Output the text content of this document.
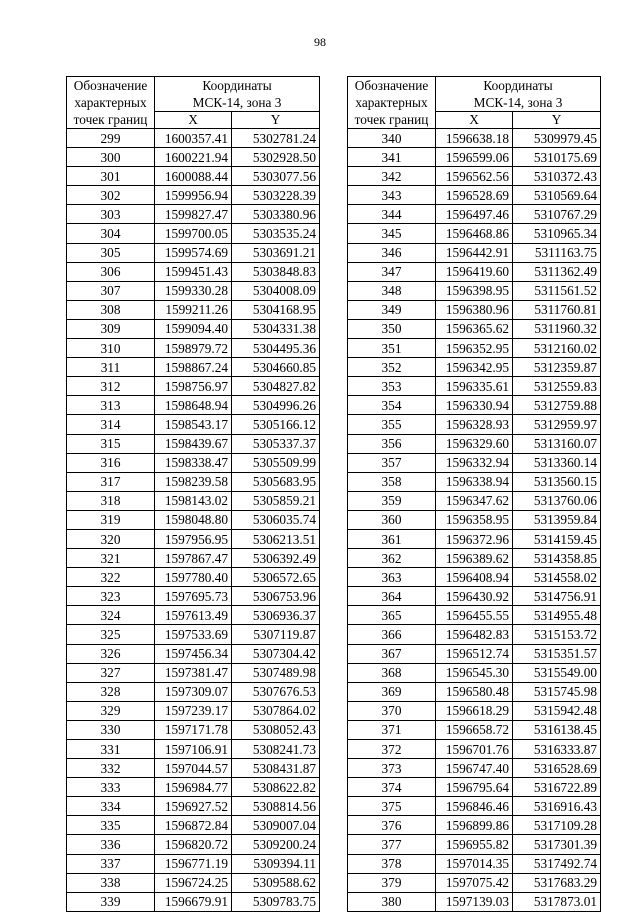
98
Обозначение
характерных
точек границ	Координаты
МСК-14, зона 3	

	X	Y
299	1600357.41	5302781.24
300	1600221.94	5302928.50
301	1600088.44	5303077.56
302	1599956.94	5303228.39
303	1599827.47	5303380.96
304	1599700.05	5303535.24
305	1599574.69	5303691.21
306	1599451.43	5303848.83
307	1599330.28	5304008.09
308	1599211.26	5304168.95
309	1599094.40	5304331.38
310	1598979.72	5304495.36
311	1598867.24	5304660.85
312	1598756.97	5304827.82
313	1598648.94	5304996.26
314	1598543.17	5305166.12
315	1598439.67	5305337.37
316	1598338.47	5305509.99
317	1598239.58	5305683.95
318	1598143.02	5305859.21
319	1598048.80	5306035.74
320	1597956.95	5306213.51
321	1597867.47	5306392.49
322	1597780.40	5306572.65
323	1597695.73	5306753.96
324	1597613.49	5306936.37
325	1597533.69	5307119.87
326	1597456.34	5307304.42
327	1597381.47	5307489.98
328	1597309.07	5307676.53
329	1597239.17	5307864.02
330	1597171.78	5308052.43
331	1597106.91	5308241.73
332	1597044.57	5308431.87
333	1596984.77	5308622.82
334	1596927.52	5308814.56
335	1596872.84	5309007.04
336	1596820.72	5309200.24
337	1596771.19	5309394.11
338	1596724.25	5309588.62
339	1596679.91	5309783.75
Обозначение
характерных
точек границ	Координаты
МСК-14, зона 3	

	X	Y
340	1596638.18	5309979.45
341	1596599.06	5310175.69
342	1596562.56	5310372.43
343	1596528.69	5310569.64
344	1596497.46	5310767.29
345	1596468.86	5310965.34
346	1596442.91	5311163.75
347	1596419.60	5311362.49
348	1596398.95	5311561.52
349	1596380.96	5311760.81
350	1596365.62	5311960.32
351	1596352.95	5312160.02
352	1596342.95	5312359.87
353	1596335.61	5312559.83
354	1596330.94	5312759.88
355	1596328.93	5312959.97
356	1596329.60	5313160.07
357	1596332.94	5313360.14
358	1596338.94	5313560.15
359	1596347.62	5313760.06
360	1596358.95	5313959.84
361	1596372.96	5314159.45
362	1596389.62	5314358.85
363	1596408.94	5314558.02
364	1596430.92	5314756.91
365	1596455.55	5314955.48
366	1596482.83	5315153.72
367	1596512.74	5315351.57
368	1596545.30	5315549.00
369	1596580.48	5315745.98
370	1596618.29	5315942.48
371	1596658.72	5316138.45
372	1596701.76	5316333.87
373	1596747.40	5316528.69
374	1596795.64	5316722.89
375	1596846.46	5316916.43
376	1596899.86	5317109.28
377	1596955.82	5317301.39
378	1597014.35	5317492.74
379	1597075.42	5317683.29
380	1597139.03	5317873.01
